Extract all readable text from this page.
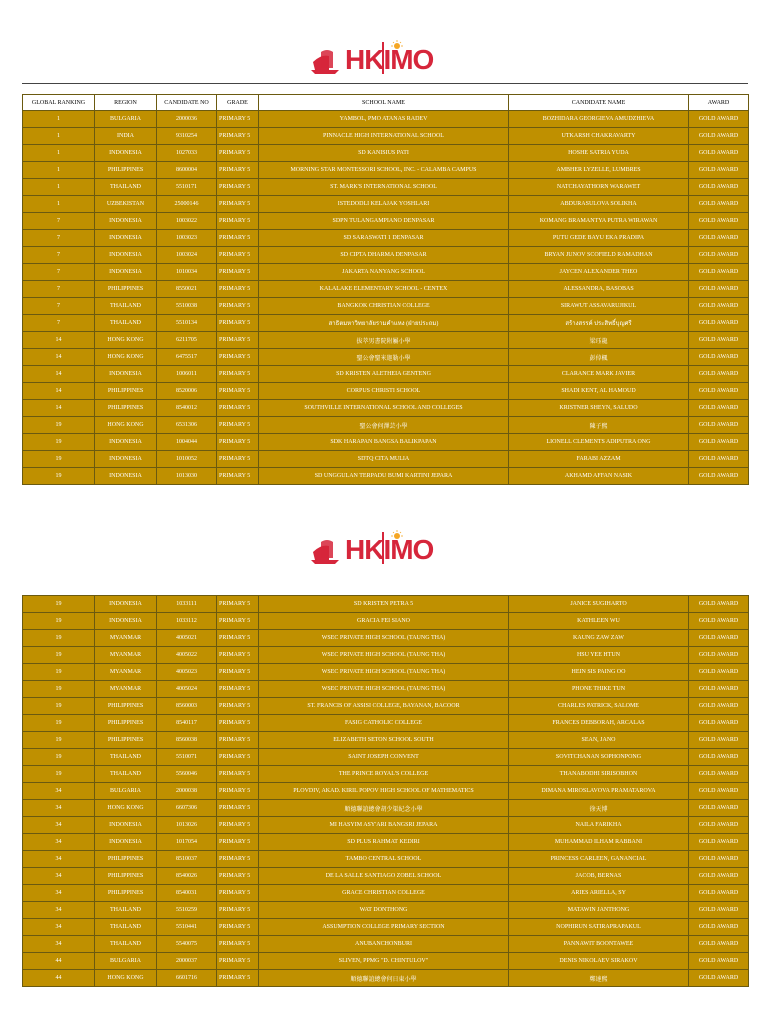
HKIMO
GLOBAL RANKING	REGION	CANDIDATE NO	GRADE	SCHOOL NAME	CANDIDATE NAME	AWARD
1	BULGARIA	2000036	PRIMARY 5	YAMBOL, PMO ATANAS RADEV	BOZHIDARA GEORGIEVA AMUDZHIEVA	GOLD AWARD
1	INDIA	9310254	PRIMARY 5	PINNACLE HIGH INTERNATIONAL SCHOOL	UTKARSH CHAKRAVARTY	GOLD AWARD
1	INDONESIA	1027033	PRIMARY 5	SD KANISIUS PATI	HOSHE SATRIA YUDA	GOLD AWARD
1	PHILIPPINES	8600004	PRIMARY 5	MORNING STAR MONTESSORI SCHOOL, INC. - CALAMBA CAMPUS	AMBHER LYZELLE, LUMBRES	GOLD AWARD
1	THAILAND	5510171	PRIMARY 5	ST. MARK'S INTERNATIONAL SCHOOL	NATCHAYATHORN WARAWET	GOLD AWARD
1	UZBEKISTAN	25000146	PRIMARY 5	ISTEDODLI KELAJAK YOSHLARI	ABDURASULOVA SOLIKHA	GOLD AWARD
7	INDONESIA	1003022	PRIMARY 5	SDPN TULANGAMPIANO DENPASAR	KOMANG BRAMANTYA PUTRA WIRAWAN	GOLD AWARD
7	INDONESIA	1003023	PRIMARY 5	SD SARASWATI 1 DENPASAR	PUTU GEDE BAYU EKA PRADIPA	GOLD AWARD
7	INDONESIA	1003024	PRIMARY 5	SD CIPTA DHARMA DENPASAR	BRYAN JUNOV SCOFIELD RAMADHAN	GOLD AWARD
7	INDONESIA	1010034	PRIMARY 5	JAKARTA NANYANG SCHOOL	JAYCEN ALEXANDER THEO	GOLD AWARD
7	PHILIPPINES	8550021	PRIMARY 5	KALALAKE ELEMENTARY SCHOOL - CENTEX	ALESSANDRA, BASOBAS	GOLD AWARD
7	THAILAND	5510038	PRIMARY 5	BANGKOK CHRISTIAN COLLEGE	SIRAWUT ASSAVARUJIKUL	GOLD AWARD
7	THAILAND	5510134	PRIMARY 5	สาธิตมหาวิทยาลัยรามคำแหง (ฝ่ายประถม)	สร้างสรรค์ ประสิทธิ์บุญศรี	GOLD AWARD
14	HONG KONG	6211705	PRIMARY 5	拔萃男書院附屬小學	梁珏龍	GOLD AWARD
14	HONG KONG	6475517	PRIMARY 5	聖公會聖米迦勒小學	彭倬楓	GOLD AWARD
14	INDONESIA	1006011	PRIMARY 5	SD KRISTEN ALETHEIA GENTENG	CLARANCE MARK JAVIER	GOLD AWARD
14	PHILIPPINES	8520006	PRIMARY 5	CORPUS CHRISTI SCHOOL	SHADI KENT, AL HAMOUD	GOLD AWARD
14	PHILIPPINES	8540012	PRIMARY 5	SOUTHVILLE INTERNATIONAL SCHOOL AND COLLEGES	KRISTNER SHEYN, SALUDO	GOLD AWARD
19	HONG KONG	6531306	PRIMARY 5	聖公會何澤芸小學	陳子熙	GOLD AWARD
19	INDONESIA	1004044	PRIMARY 5	SDK HARAPAN BANGSA BALIKPAPAN	LIONELL CLEMENTS ADIPUTRA ONG	GOLD AWARD
19	INDONESIA	1010052	PRIMARY 5	SDTQ CITA MULIA	FARABI AZZAM	GOLD AWARD
19	INDONESIA	1013030	PRIMARY 5	SD UNGGULAN TERPADU BUMI KARTINI JEPARA	AKHAMD AFFAN NASIK	GOLD AWARD
HKIMO
19	INDONESIA	1033111	PRIMARY 5	SD KRISTEN PETRA 5	JANICE SUGIHARTO	GOLD AWARD
19	INDONESIA	1033112	PRIMARY 5	GRACIA FEI SIANO	KATHLEEN WU	GOLD AWARD
19	MYANMAR	4005021	PRIMARY 5	WSEC PRIVATE HIGH SCHOOL (TAUNG THA)	KAUNG ZAW ZAW	GOLD AWARD
19	MYANMAR	4005022	PRIMARY 5	WSEC PRIVATE HIGH SCHOOL (TAUNG THA)	HSU YEE HTUN	GOLD AWARD
19	MYANMAR	4005023	PRIMARY 5	WSEC PRIVATE HIGH SCHOOL (TAUNG THA)	HEIN SIS PAING OO	GOLD AWARD
19	MYANMAR	4005024	PRIMARY 5	WSEC PRIVATE HIGH SCHOOL (TAUNG THA)	PHONE THIKE TUN	GOLD AWARD
19	PHILIPPINES	8560003	PRIMARY 5	ST. FRANCIS OF ASSISI COLLEGE, BAYANAN, BACOOR	CHARLES PATRICK, SALOME	GOLD AWARD
19	PHILIPPINES	8540117	PRIMARY 5	FASIG CATHOLIC COLLEGE	FRANCES DEBBORAH, ARCALAS	GOLD AWARD
19	PHILIPPINES	8560038	PRIMARY 5	ELIZABETH SETON SCHOOL SOUTH	SEAN, JANO	GOLD AWARD
19	THAILAND	5510071	PRIMARY 5	SAINT JOSEPH CONVENT	SOVITCHANAN SOPHONPONG	GOLD AWARD
19	THAILAND	5560046	PRIMARY 5	THE PRINCE ROYAL'S COLLEGE	THANABODHI SIRISOBHON	GOLD AWARD
34	BULGARIA	2000038	PRIMARY 5	PLOVDIV, AKAD. KIRIL POPOV HIGH SCHOOL OF MATHEMATICS	DIMANA MIROSLAVOVA PRAMATAROVA	GOLD AWARD
34	HONG KONG	6607306	PRIMARY 5	順德聯誼總會胡少渠紀念小學	徐天博	GOLD AWARD
34	INDONESIA	1013026	PRIMARY 5	MI HASYIM ASY'ARI BANGSRI JEPARA	NAILA FARIKHA	GOLD AWARD
34	INDONESIA	1017054	PRIMARY 5	SD PLUS RAHMAT KEDIRI	MUHAMMAD ILHAM RABBANI	GOLD AWARD
34	PHILIPPINES	8510037	PRIMARY 5	TAMBO CENTRAL SCHOOL	PRINCESS CARLEEN, GANANCIAL	GOLD AWARD
34	PHILIPPINES	8540026	PRIMARY 5	DE LA SALLE SANTIAGO ZOBEL SCHOOL	JACOB, BERNAS	GOLD AWARD
34	PHILIPPINES	8540031	PRIMARY 5	GRACE CHRISTIAN COLLEGE	ARIES ARIELLA, SY	GOLD AWARD
34	THAILAND	5510259	PRIMARY 5	WAT DONTHONG	MATAWIN JANTHONG	GOLD AWARD
34	THAILAND	5510441	PRIMARY 5	ASSUMPTION COLLEGE PRIMARY SECTION	NOPHIRUN SATIRAPRAPAKUL	GOLD AWARD
34	THAILAND	5540075	PRIMARY 5	ANUBANCHONBURI	PANNAWIT BOONTAWEE	GOLD AWARD
44	BULGARIA	2000037	PRIMARY 5	SLIVEN, PPMG "D. CHINTULOV"	DENIS NIKOLAEV SIRAKOV	GOLD AWARD
44	HONG KONG	6601716	PRIMARY 5	順德聯誼總會何日東小學	鄭達熙	GOLD AWARD
